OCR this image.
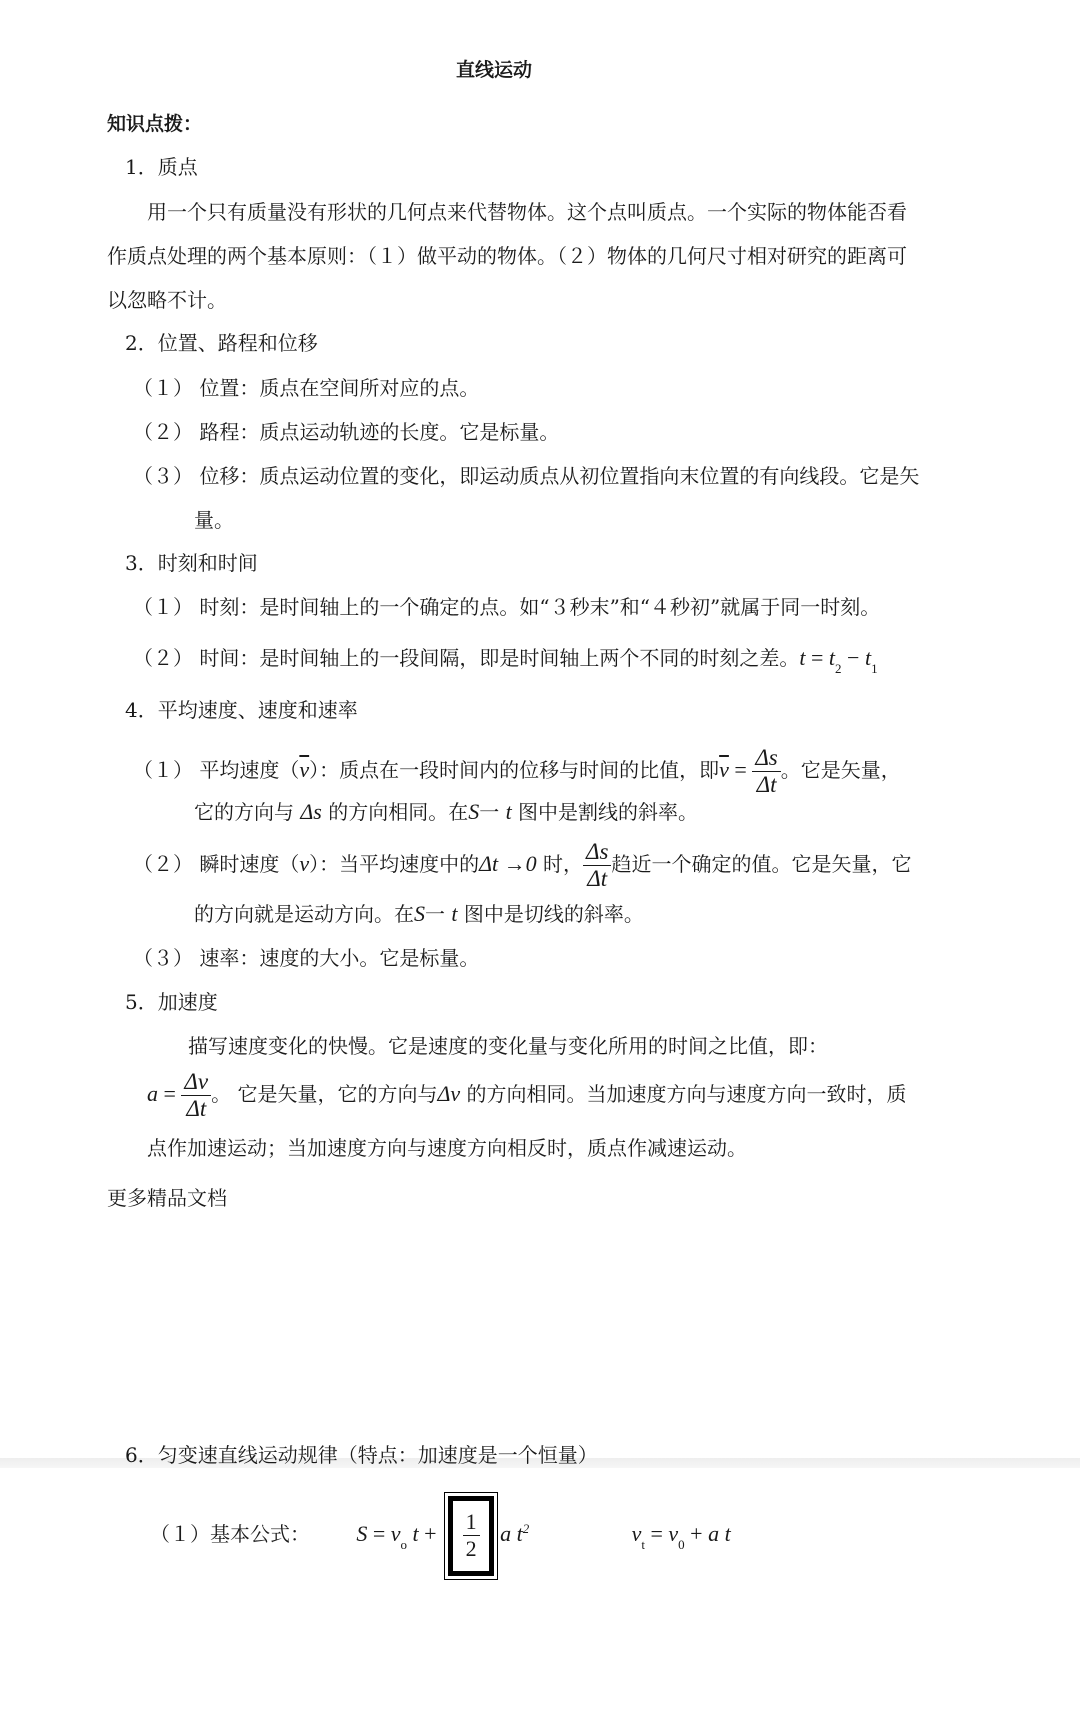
直线运动
知识点拨：
1．质点
用一个只有质量没有形状的几何点来代替物体。这个点叫质点。一个实际的物体能否看
作质点处理的两个基本原则：（１）做平动的物体。（２）物体的几何尺寸相对研究的距离可
以忽略不计。
2．位置、路程和位移
（１） 位置：质点在空间所对应的点。
（２） 路程：质点运动轨迹的长度。它是标量。
（３） 位移：质点运动位置的变化，即运动质点从初位置指向末位置的有向线段。它是矢
量。
3．时刻和时间
（１） 时刻：是时间轴上的一个确定的点。如“３秒末”和“４秒初”就属于同一时刻。
（２） 时间：是时间轴上的一段间隔，即是时间轴上两个不同的时刻之差。$t = t_2 - t_1$
4．平均速度、速度和速率
（１） 平均速度$(\overline{v})$：质点在一段时间内的位移与时间的比值，即$\overline{v} = \frac{\Delta s}{\Delta t}$ 。它是矢量，
它的方向与 Δs 的方向相同。在S一 t 图中是割线的斜率。
（２） 瞬时速度（v）：当平均速度中的Δt →0 时， $\frac{\Delta s}{\Delta t}$ 趋近一个确定的值。它是矢量，它
的方向就是运动方向。在S一 t 图中是切线的斜率。
（３） 速率：速度的大小。它是标量。
5．加速度
描写速度变化的快慢。它是速度的变化量与变化所用的时间之比值，即：
$a = \frac{\Delta v}{\Delta t}$ 。 它是矢量，它的方向与Δv 的方向相同。当加速度方向与速度方向一致时，质
点作加速运动；当加速度方向与速度方向相反时，质点作减速运动。
更多精品文档
6．匀变速直线运动规律（特点：加速度是一个恒量）
（１）基本公式： $S = v_o$ $t + \frac{1}{2}$ a $t^2$	$v_t = v_0 + a$ t
